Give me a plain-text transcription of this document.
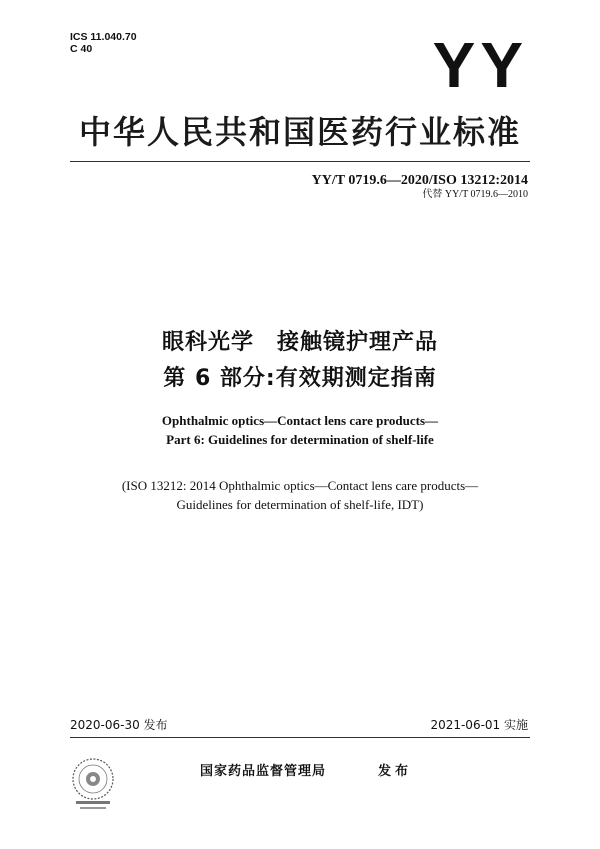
ICS 11.040.70
C 40	YY
中华人民共和国医药行业标准
YY/T 0719.6—2020/ISO 13212:2014
代替 YY/T 0719.6—2010
眼科光学　接触镜护理产品
第 6 部分:有效期测定指南
Ophthalmic optics—Contact lens care products—
Part 6: Guidelines for determination of shelf-life
(ISO 13212: 2014 Ophthalmic optics—Contact lens care products—
Guidelines for determination of shelf-life, IDT)
2020-06-30 发布	2021-06-01 实施
国家药品监督管理局	发布
